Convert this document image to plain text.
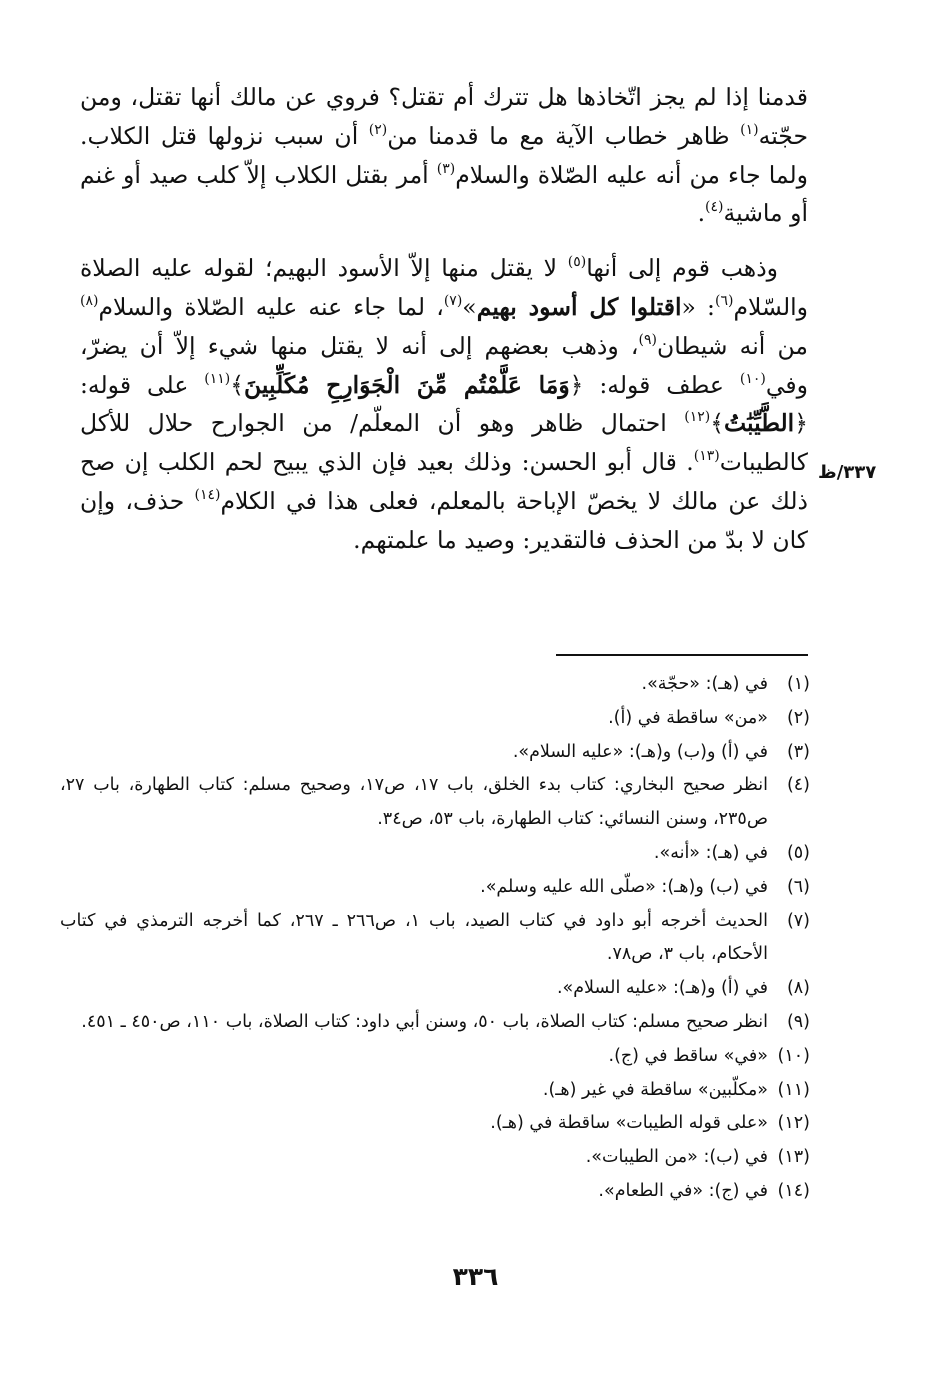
قدمنا إذا لم يجز اتّخاذها هل تترك أم تقتل؟ فروي عن مالك أنها تقتل، ومن حجّته$^{(١)}$ ظاهر خطاب الآية مع ما قدمنا من$^{(٢)}$ أن سبب نزولها قتل الكلاب. ولما جاء من أنه عليه الصّلاة والسلام$^{(٣)}$ أمر بقتل الكلاب إلاّ كلب صيد أو غنم أو ماشية$^{(٤)}$.

وذهب قوم إلى أنها$^{(٥)}$ لا يقتل منها إلاّ الأسود البهيم؛ لقوله عليه الصلاة والسّلام$^{(٦)}$: «اقتلوا كل أسود بهيم»$^{(٧)}$، لما جاء عنه عليه الصّلاة والسلام$^{(٨)}$ من أنه شيطان$^{(٩)}$، وذهب بعضهم إلى أنه لا يقتل منها شيء إلاّ أن يضرّ، وفي$^{(١٠)}$ عطف قوله: ﴿وَمَا عَلَّمْتُم مِّنَ الْجَوَارِحِ مُكَلِّبِينَ﴾$^{(١١)}$ على قوله: ﴿الطَّيِّبَٰتُ﴾$^{(١٢)}$ احتمال ظاهر وهو أن المعلّم/ من الجوارح حلال للأكل كالطيبات$^{(١٣)}$. قال أبو الحسن: وذلك بعيد فإن الذي يبيح لحم الكلب إن صح ذلك عن مالك لا يخصّ الإباحة بالمعلم، فعلى هذا في الكلام$^{(١٤)}$ حذف، وإن كان لا بدّ من الحذف فالتقدير: وصيد ما علمتهم.

٣٣٧/ظ
(١)
في (هـ): «حجّة».
(٢)
«من» ساقطة في (أ).
(٣)
في (أ) و(ب) و(هـ): «عليه السلام».
(٤)
انظر صحيح البخاري: كتاب بدء الخلق، باب ١٧، ص١٧، وصحيح مسلم: كتاب الطهارة، باب ٢٧، ص٢٣٥، وسنن النسائي: كتاب الطهارة، باب ٥٣، ص٣٤.
(٥)
في (هـ): «أنه».
(٦)
في (ب) و(هـ): «صلّى الله عليه وسلم».
(٧)
الحديث أخرجه أبو داود في كتاب الصيد، باب ١، ص٢٦٦ ـ ٢٦٧، كما أخرجه الترمذي في كتاب الأحكام، باب ٣، ص٧٨.
(٨)
في (أ) و(هـ): «عليه السلام».
(٩)
انظر صحيح مسلم: كتاب الصلاة، باب ٥٠، وسنن أبي داود: كتاب الصلاة، باب ١١٠، ص٤٥٠ ـ ٤٥١.
(١٠)
«في» ساقط في (ج).
(١١)
«مكلّبين» ساقطة في غير (هـ).
(١٢)
«على قوله الطيبات» ساقطة في (هـ).
(١٣)
في (ب): «من الطيبات».
(١٤)
في (ج): «في الطعام».
٣٣٦
